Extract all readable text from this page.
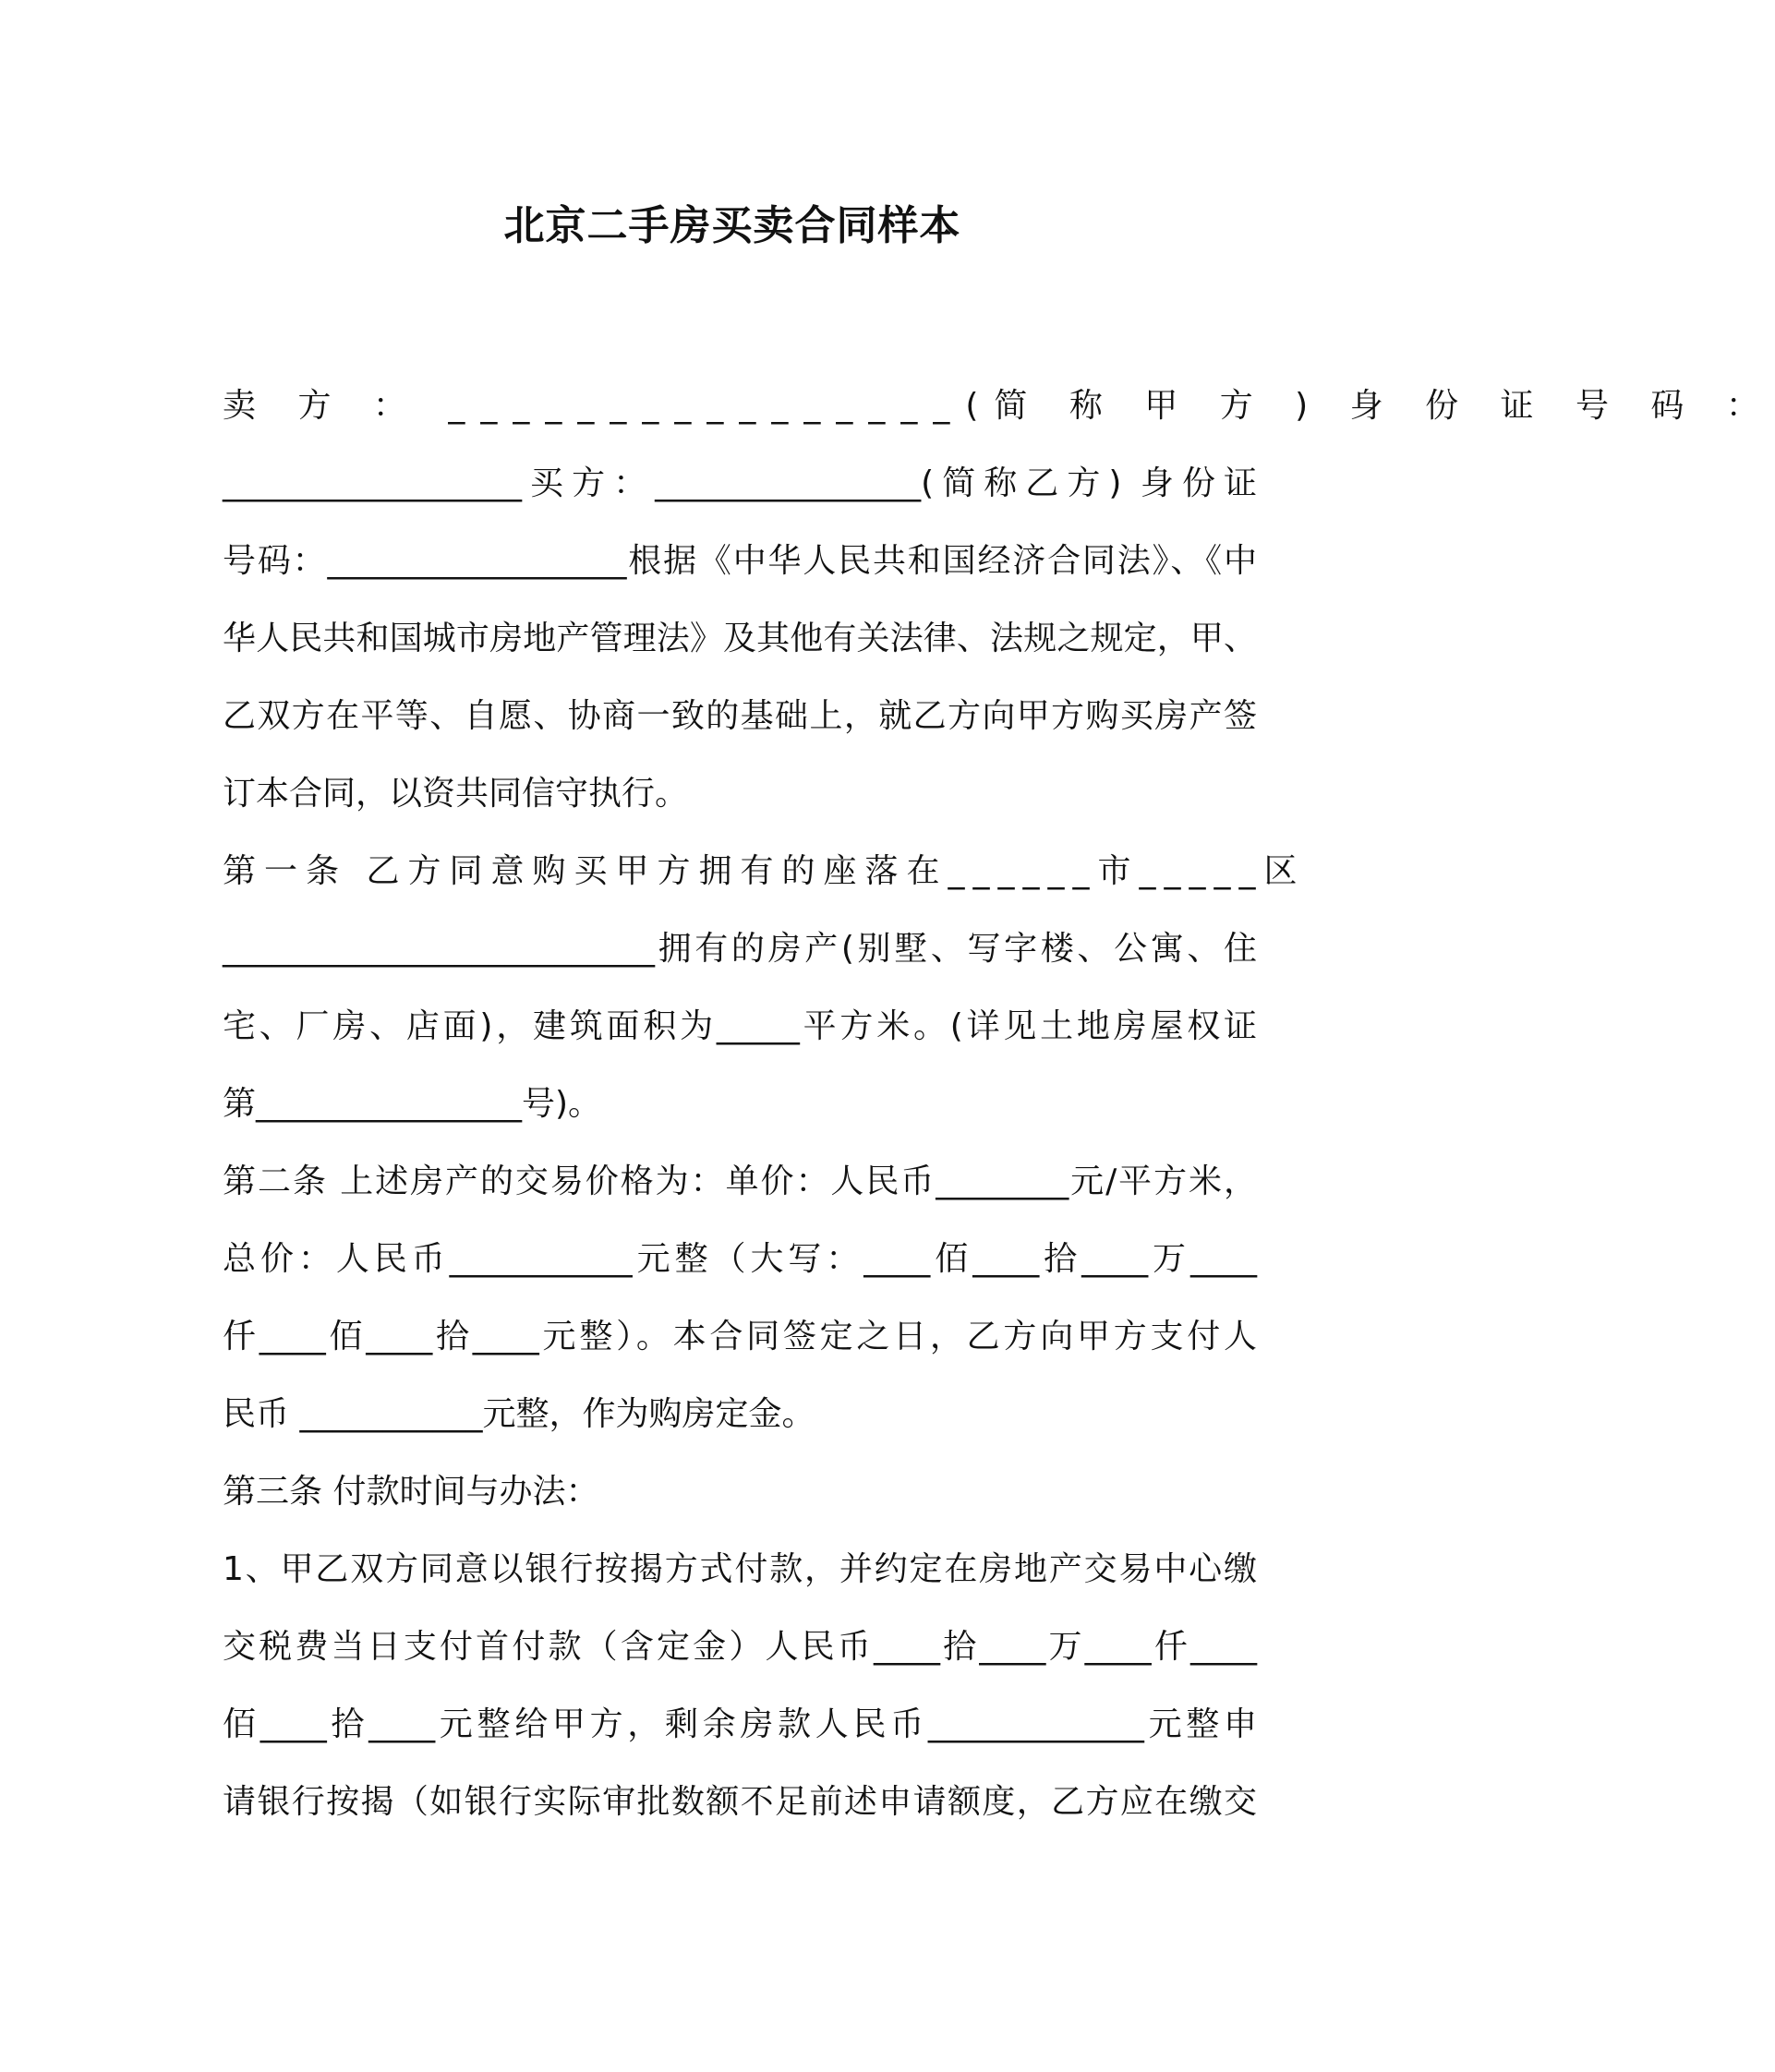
北京二手房买卖合同样本
卖 方 ： ________________(简 称 甲 方 ) 身 份 证 号 码 ：
__________________买方：________________(简称乙方) 身份证
号码：__________________根据《中华人民共和国经济合同法》、《中
华人民共和国城市房地产管理法》及其他有关法律、法规之规定，甲、
乙双方在平等、自愿、协商一致的基础上，就乙方向甲方购买房产签
订本合同，以资共同信守执行。
第一条 乙方同意购买甲方拥有的座落在______市_____区
__________________________拥有的房产(别墅、写字楼、公寓、住
宅、厂房、店面)，建筑面积为_____平方米。(详见土地房屋权证
第________________号)。
第二条 上述房产的交易价格为：单价：人民币________元/平方米，
总价：人民币___________元整（大写：____佰____拾____万____
仟____佰____拾____元整）。本合同签定之日，乙方向甲方支付人
民币 ___________元整，作为购房定金。
第三条 付款时间与办法：
1、甲乙双方同意以银行按揭方式付款，并约定在房地产交易中心缴
交税费当日支付首付款（含定金）人民币____拾____万____仟____
佰____拾____元整给甲方，剩余房款人民币_____________元整申
请银行按揭（如银行实际审批数额不足前述申请额度，乙方应在缴交
